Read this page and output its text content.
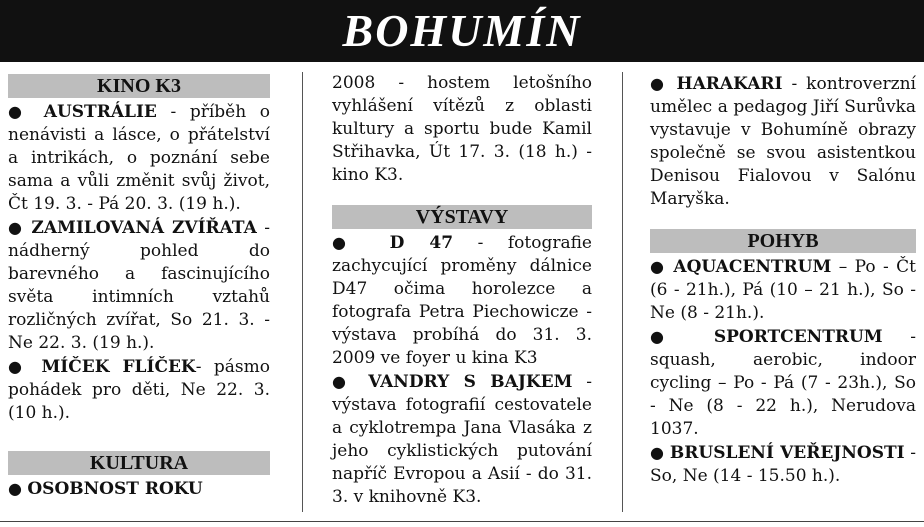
BOHUMÍN
KINO K3

● AUSTRÁLIE - příběh o nenávisti a lásce, o přátelství a intrikách, o poznání sebe sama a vůli změnit svůj život, Čt 19. 3. - Pá 20. 3. (19 h.).

● ZAMILOVANÁ ZVÍŘATA - nádherný pohled do barevného a fascinujícího světa intimních vztahů rozličných zvířat, So 21. 3. - Ne 22. 3. (19 h.).

● MÍČEK FLÍČEK- pásmo pohádek pro děti, Ne 22. 3. (10 h.).

KULTURA

● OSOBNOST ROKU

2008 - hostem letošního vyhlášení vítězů z oblasti kultury a sportu bude Kamil Střihavka, Út 17. 3. (18 h.) - kino K3.

VÝSTAVY

● D 47 - fotografie zachycující proměny dálnice D47 očima horolezce a fotografa Petra Piechowicze - výstava probíhá do 31. 3. 2009 ve foyer u kina K3

● VANDRY S BAJKEM - výstava fotografií cestovatele a cyklotrempa Jana Vlasáka z jeho cyklistických putování napříč Evropou a Asií - do 31. 3. v knihovně K3.

● HARAKARI - kontroverzní umělec a pedagog Jiří Surůvka vystavuje v Bohumíně obrazy společně se svou asistentkou Denisou Fialovou v Salónu Maryška.

POHYB

● AQUACENTRUM – Po - Čt (6 - 21h.), Pá (10 – 21 h.), So - Ne (8 - 21h.).

● SPORTCENTRUM - squash, aerobic, indoor cycling – Po - Pá (7 - 23h.), So - Ne (8 - 22 h.), Nerudova 1037.

● BRUSLENÍ VEŘEJNOSTI - So, Ne (14 - 15.50 h.).
